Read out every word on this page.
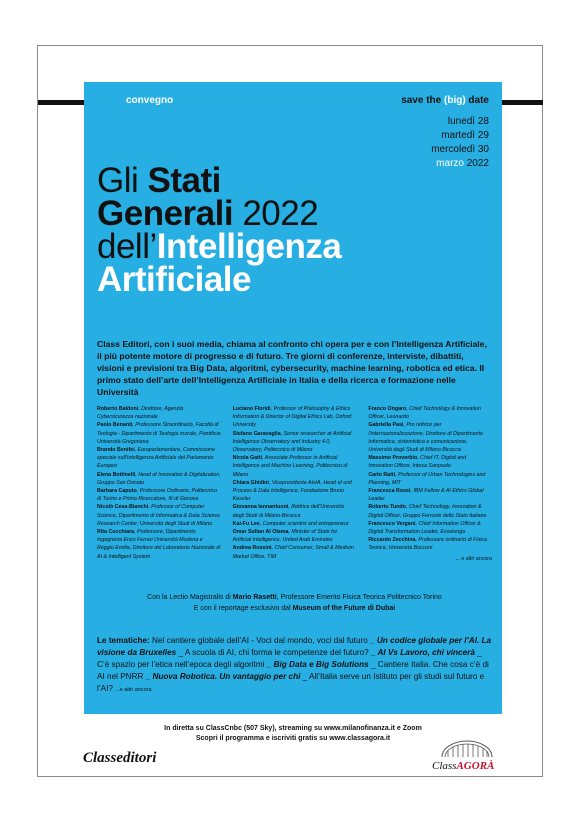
convegno	save the (big) date
lunedì 28
martedì 29
mercoledì 30
marzo 2022
Gli Stati
Generali 2022
dell’Intelligenza
Artificiale
Class Editori, con i suoi media, chiama al confronto chi opera per e con l’Intelligenza Artificiale, il più potente motore di progresso e di futuro. Tre giorni di conferenze, interviste, dibattiti, visioni e previsioni tra Big Data, algoritmi, cybersecurity, machine learning, robotica ed etica. Il primo stato dell’arte dell’Intelligenza Artificiale in Italia e della ricerca e formazione nelle Università
Roberto Baldoni, Direttore, Agenzia Cybersicurezza nazionale
Paolo Benanti, Professore Straordinario, Facoltà di Teologia - Dipartimento di Teologia morale, Pontificia Università Gregoriana
Brando Benifei, Europarlamentare, Commissione speciale sull'Intelligenza Artificiale del Parlamento Europeo
Elena Bottinelli, Head of Innovation & Digitalization, Gruppo San Donato
Barbara Caputo, Professore Ordinario, Politecnico di Torino e Primo Ricercatore, IIt di Genova
Nicolò Cesa-Bianchi, Professor of Computer Science, Dipartimento di Informatica & Data Science Research Center, Università degli Studi di Milano
Rita Cucchiara, Professore, Dipartimento Ingegneria Enzo Ferrari Università Modena e Reggio Emilia, Direttore del Laboratorio Nazionale di AI & Intelligent System
Luciano Floridi, Professor of Philosophy & Ethics Information & Director of Digital Ethics Lab, Oxford University
Stefano Garavaglia, Senior researcher at Artificial Intelligence Observatory and Industry 4.0, Observatory, Politecnico di Milano
Nicola Gatti, Associate Professor in Artificial Intelligence and Machine Learning, Politecnico di Milano
Chiara Ghidini, Vicepresidente AixIA, Head of unit Process & Data Intelligence, Fondazione Bruno Kessler
Giovanna Iannantuoni, Rettrice dell'Università degli Studi di Milano-Bicocca
Kai-Fu Lee, Computer scientist and entrepreneur
Omar Sultan Al Olama, Minister of State for Artificial Intelligence, United Arab Emirates
Andrea Rossini, Chief Consumer, Small & Medium Market Office, TIM
Franco Ongaro, Chief Technology & Innovation Officer, Leonardo
Gabriella Pasi, Pro rettrice per l'internazionalizzazione, Direttore di Dipartimento Informatica, sistemistica e comunicazione, Università degli Studi di Milano Bicocca
Massimo Proverbio, Chief IT, Digital and Innovation Officer, Intesa Sanpaolo
Carlo Ratti, Professor of Urban Technologies and Planning, MIT
Francesca Rossi, IBM Fellow & AI Ethics Global Leader
Roberto Tundo, Chief Technology, Innovation & Digital Officer, Gruppo Ferrovie dello Stato Italiane
Francesco Vergani, Chief Information Officer & Digital Transformation Leader, Esselunga
Riccardo Zecchina, Professore ordinario di Fisica Teorica, Università Bocconi
... e altri ancora
Con la Lectio Magistralis di Mario Rasetti, Professore Emerito Fisica Teorica Politecnico Torino
E con il reportage esclusivo dal Museum of the Future di Dubai
Le tematiche: Nel cantiere globale dell’AI - Voci dal mondo, voci dal futuro _ Un codice globale per l’AI. La visione da Bruxelles _ A scuola di AI, chi forma le competenze del futuro? _ AI Vs Lavoro, chi vincerà _ C’è spazio per l’etica nell’epoca degli algoritmi _ Big Data e Big Solutions _ Cantiere Italia. Che cosa c’è di AI nel PNRR _ Nuova Robotica. Un vantaggio per chi _ All’Italia serve un Istituto per gli studi sul futuro e l’AI? ...e altri ancora
In diretta su ClassCnbc (507 Sky), streaming su www.milanofinanza.it e Zoom
Scopri il programma e iscriviti gratis su www.classagora.it
Classeditori	ClassAGORÀ
